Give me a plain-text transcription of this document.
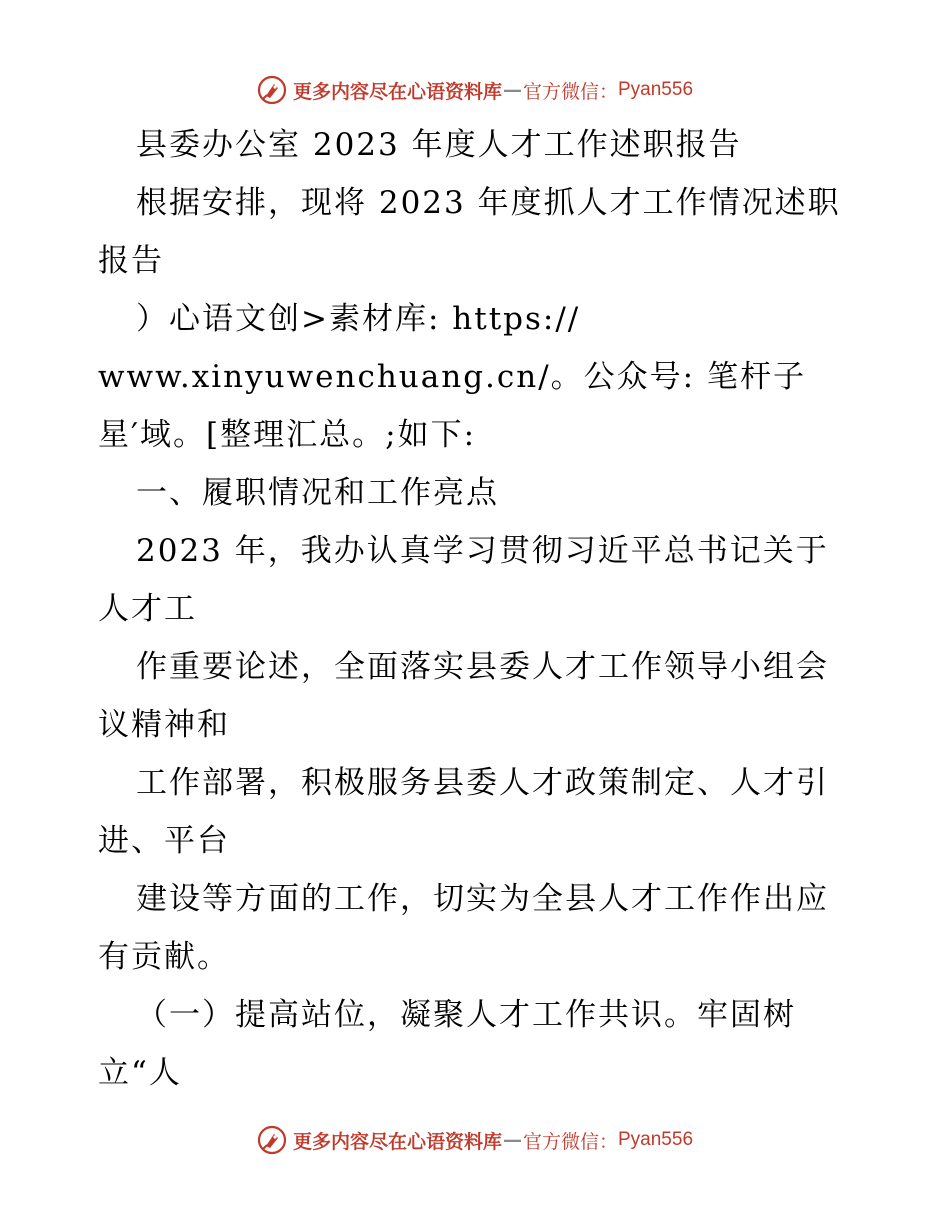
更多内容尽在心语资料库 — 官方微信： Pyan556
县委办公室 2023 年度人才工作述职报告
根据安排，现将 2023 年度抓人才工作情况述职
报告
）心语文创>素材库: https://
www.xinyuwenchuang.cn/。公众号: 笔杆子
星′域。[整理汇总。;如下:
一、履职情况和工作亮点
2023 年，我办认真学习贯彻习近平总书记关于
人才工
作重要论述，全面落实县委人才工作领导小组会
议精神和
工作部署，积极服务县委人才政策制定、人才引
进、平台
建设等方面的工作，切实为全县人才工作作出应
有贡献。
（一）提高站位，凝聚人才工作共识。牢固树
立“人
更多内容尽在心语资料库 — 官方微信： Pyan556
